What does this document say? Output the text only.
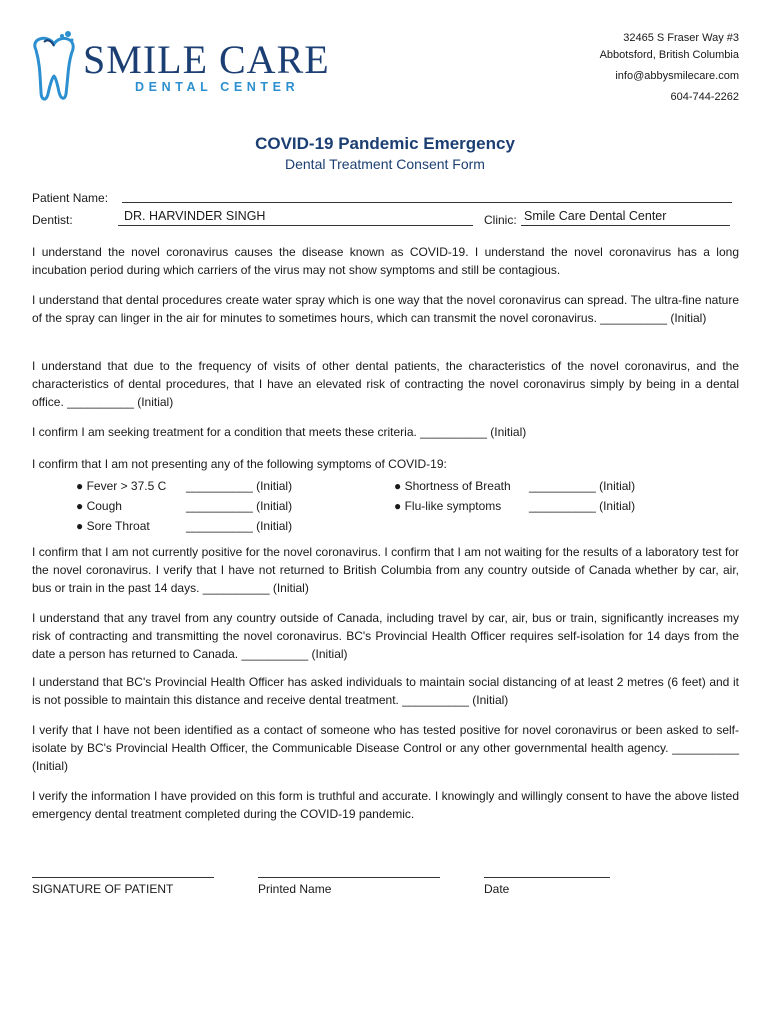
SMILE CARE
DENTAL CENTER
32465 S Fraser Way #3
Abbotsford, British Columbia
info@abbysmilecare.com
604-744-2262
COVID-19 Pandemic Emergency
Dental Treatment Consent Form
Patient Name:
Dentist:	DR. HARVINDER SINGH	Clinic: Smile Care Dental Center
I understand the novel coronavirus causes the disease known as COVID-19. I understand the novel coronavirus has a long incubation period during which carriers of the virus may not show symptoms and still be contagious.
I understand that dental procedures create water spray which is one way that the novel coronavirus can spread. The ultra-fine nature of the spray can linger in the air for minutes to sometimes hours, which can transmit the novel coronavirus. __________ (Initial)
I understand that due to the frequency of visits of other dental patients, the characteristics of the novel coronavirus, and the characteristics of dental procedures, that I have an elevated risk of contracting the novel coronavirus simply by being in a dental office. __________ (Initial)
I confirm I am seeking treatment for a condition that meets these criteria. __________ (Initial)
I confirm that I am not presenting any of the following symptoms of COVID-19:
● Fever > 37.5 C __________ (Initial)
● Cough	__________ (Initial)
● Sore Throat	__________ (Initial)
● Shortness of Breath __________ (Initial)
● Flu-like symptoms __________ (Initial)
I confirm that I am not currently positive for the novel coronavirus. I confirm that I am not waiting for the results of a laboratory test for the novel coronavirus. I verify that I have not returned to British Columbia from any country outside of Canada whether by car, air, bus or train in the past 14 days. __________ (Initial)
I understand that any travel from any country outside of Canada, including travel by car, air, bus or train, significantly increases my risk of contracting and transmitting the novel coronavirus. BC's Provincial Health Officer requires self-isolation for 14 days from the date a person has returned to Canada. __________ (Initial)
I understand that BC's Provincial Health Officer has asked individuals to maintain social distancing of at least 2 metres (6 feet) and it is not possible to maintain this distance and receive dental treatment. __________ (Initial)
I verify that I have not been identified as a contact of someone who has tested positive for novel coronavirus or been asked to self-isolate by BC's Provincial Health Officer, the Communicable Disease Control or any other governmental health agency. __________ (Initial)
I verify the information I have provided on this form is truthful and accurate. I knowingly and willingly consent to have the above listed emergency dental treatment completed during the COVID-19 pandemic.
SIGNATURE OF PATIENT	Printed Name	Date
